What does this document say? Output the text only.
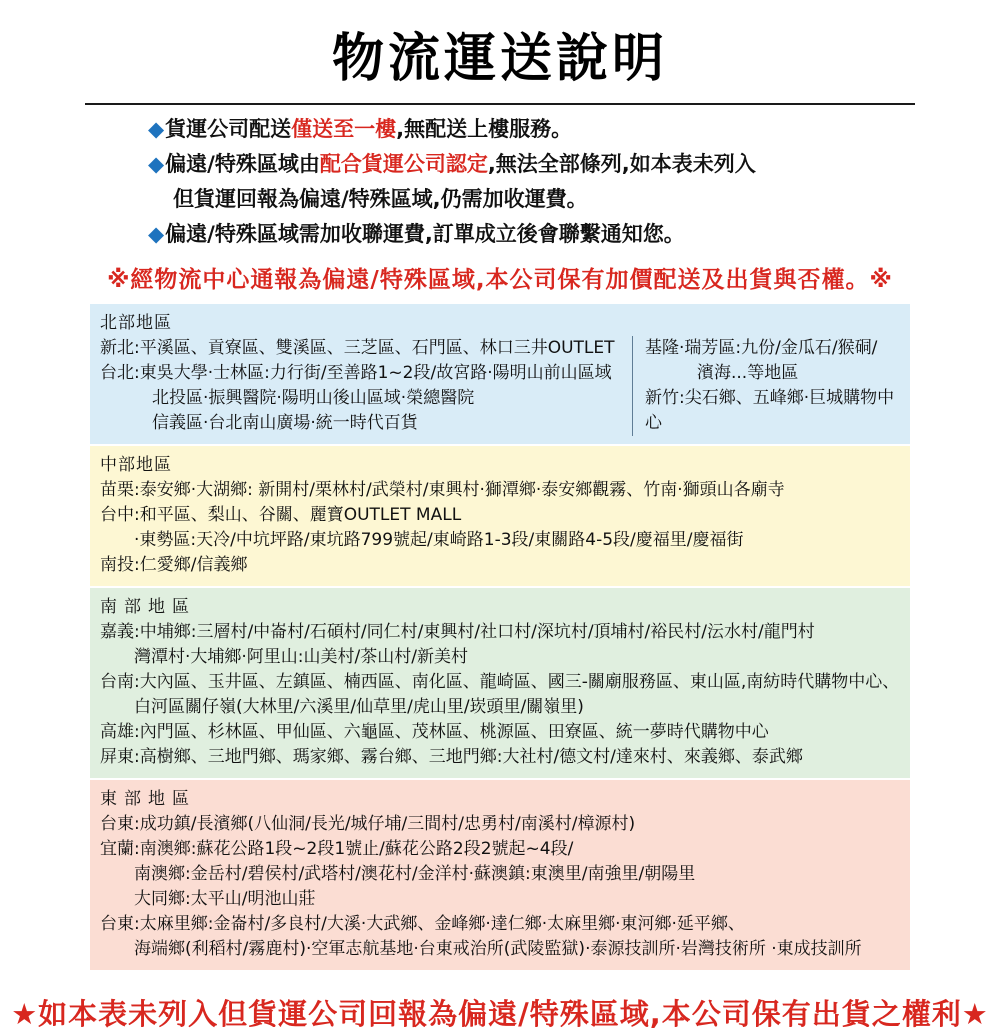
物流運送說明
◆貨運公司配送僅送至一樓,無配送上樓服務。
◆偏遠/特殊區域由配合貨運公司認定,無法全部條列,如本表未列入
但貨運回報為偏遠/特殊區域,仍需加收運費。
◆偏遠/特殊區域需加收聯運費,訂單成立後會聯繫通知您。
※經物流中心通報為偏遠/特殊區域,本公司保有加價配送及出貨與否權。※
北部地區
新北:平溪區、貢寮區、雙溪區、三芝區、石門區、林口三井OUTLET
台北:東吳大學·士林區:力行街/至善路1~2段/故宮路·陽明山前山區域
北投區·振興醫院·陽明山後山區域·榮總醫院
信義區·台北南山廣場·統一時代百貨
基隆·瑞芳區:九份/金瓜石/猴硐/
濱海...等地區
新竹:尖石鄉、五峰鄉·巨城購物中心
中部地區
苗栗:泰安鄉·大湖鄉: 新開村/栗林村/武榮村/東興村·獅潭鄉·泰安鄉觀霧、竹南·獅頭山各廟寺
台中:和平區、梨山、谷關、麗寶OUTLET MALL
·東勢區:天冷/中坑坪路/東坑路799號起/東崎路1-3段/東關路4-5段/慶福里/慶福街
南投:仁愛鄉/信義鄉
南部地區
嘉義:中埔鄉:三層村/中崙村/石碩村/同仁村/東興村/社口村/深坑村/頂埔村/裕民村/沄水村/龍門村
灣潭村·大埔鄉·阿里山:山美村/茶山村/新美村
台南:大內區、玉井區、左鎮區、楠西區、南化區、龍崎區、國三-關廟服務區、東山區,南紡時代購物中心、
白河區關仔嶺(大林里/六溪里/仙草里/虎山里/崁頭里/關嶺里)
高雄:內門區、杉林區、甲仙區、六龜區、茂林區、桃源區、田寮區、統一夢時代購物中心
屏東:高樹鄉、三地門鄉、瑪家鄉、霧台鄉、三地門鄉:大社村/德文村/達來村、來義鄉、泰武鄉
東部地區
台東:成功鎮/長濱鄉(八仙洞/長光/城仔埔/三間村/忠勇村/南溪村/樟源村)
宜蘭:南澳鄉:蘇花公路1段~2段1號止/蘇花公路2段2號起~4段/
南澳鄉:金岳村/碧侯村/武塔村/澳花村/金洋村·蘇澳鎮:東澳里/南強里/朝陽里
大同鄉:太平山/明池山莊
台東:太麻里鄉:金崙村/多良村/大溪·大武鄉、金峰鄉·達仁鄉·太麻里鄉·東河鄉·延平鄉、
海端鄉(利稻村/霧鹿村)·空軍志航基地·台東戒治所(武陵監獄)·泰源技訓所·岩灣技術所 ·東成技訓所
★如本表未列入但貨運公司回報為偏遠/特殊區域,本公司保有出貨之權利★
